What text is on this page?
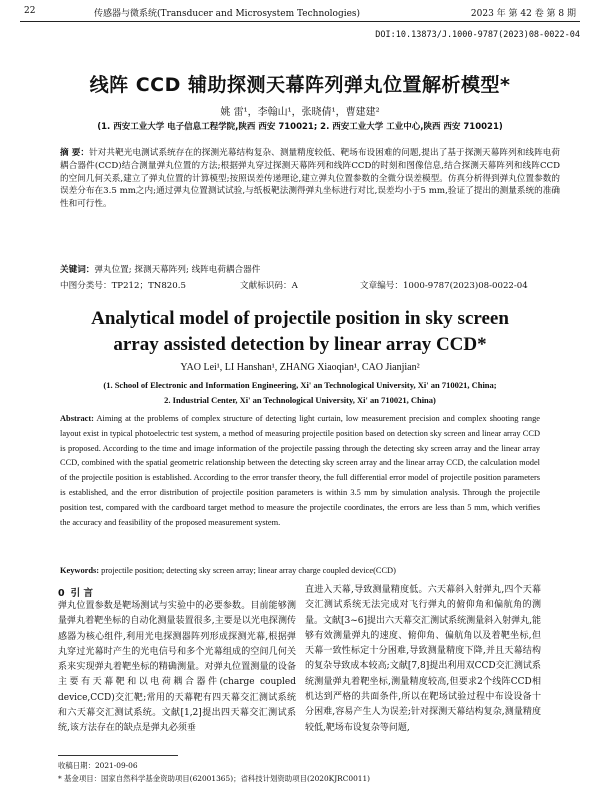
22	传感器与微系统(Transducer and Microsystem Technologies)	2023 年 第 42 卷 第 8 期
DOI:10.13873/J.1000-9787(2023)08-0022-04
线阵 CCD 辅助探测天幕阵列弹丸位置解析模型*
姚 雷¹，李翰山¹，张晓倩¹，曹建建²
(1. 西安工业大学 电子信息工程学院,陕西 西安 710021; 2. 西安工业大学 工业中心,陕西 西安 710021)
摘 要：针对共靶光电测试系统存在的探测光幕结构复杂、测量精度较低、靶场布设困难的问题,提出了基于探测天幕阵列和线阵电荷耦合器件(CCD)结合测量弹丸位置的方法;根据弹丸穿过探测天幕阵列和线阵CCD的时刻和图像信息,结合探测天幕阵列和线阵CCD的空间几何关系,建立了弹丸位置的计算模型;按照误差传递理论,建立弹丸位置参数的全微分误差模型。仿真分析得到弹丸位置参数的误差分布在3.5 mm之内;通过弹丸位置测试试验,与纸板靶法测得弹丸坐标进行对比,误差均小于5 mm,验证了提出的测量系统的准确性和可行性。
关键词：弹丸位置; 探测天幕阵列; 线阵电荷耦合器件
中图分类号：TP212；TN820.5	文献标识码：A	文章编号：1000-9787(2023)08-0022-04
Analytical model of projectile position in sky screen array assisted detection by linear array CCD*
YAO Lei¹, LI Hanshan¹, ZHANG Xiaoqian¹, CAO Jianjian²
(1. School of Electronic and Information Engineering, Xi' an Technological University, Xi' an 710021, China;
2. Industrial Center, Xi' an Technological University, Xi' an 710021, China)
Abstract: Aiming at the problems of complex structure of detecting light curtain, low measurement precision and complex shooting range layout exist in typical photoelectric test system, a method of measuring projectile position based on detection sky screen and linear array CCD is proposed. According to the time and image information of the projectile passing through the detecting sky screen array and the linear array CCD, combined with the spatial geometric relationship between the detecting sky screen array and the linear array CCD, the calculation model of the projectile position is established. According to the error transfer theory, the full differential error model of projectile position parameters is established, and the error distribution of projectile position parameters is within 3.5 mm by simulation analysis. Through the projectile position test, compared with the cardboard target method to measure the projectile coordinates, the errors are less than 5 mm, which verifies the accuracy and feasibility of the proposed measurement system.
Keywords: projectile position; detecting sky screen array; linear array charge coupled device(CCD)
0 引 言
弹丸位置参数是靶场测试与实验中的必要参数。目前能够测量弹丸着靶坐标的自动化测量装置很多,主要是以光电探测传感器为核心组件,利用光电探测器阵列形成探测光幕,根据弹丸穿过光幕时产生的光电信号和多个光幕组成的空间几何关系来实现弹丸着靶坐标的精确测量。对弹丸位置测量的设备主要有天幕靶和以电荷耦合器件(charge coupled device,CCD)交汇靶;常用的天幕靶有四天幕交汇测试系统和六天幕交汇测试系统。文献[1,2]提出四天幕交汇测试系统,该方法存在的缺点是弹丸必须垂
直进入天幕,导致测量精度低。六天幕斜入射弹丸,四个天幕交汇测试系统无法完成对飞行弹丸的俯仰角和偏航角的测量。文献[3~6]提出六天幕交汇测试系统测量斜入射弹丸,能够有效测量弹丸的速度、俯仰角、偏航角以及着靶坐标,但天幕一致性标定十分困难,导致测量精度下降,并且天幕结构的复杂导致成本较高;文献[7,8]提出利用双CCD交汇测试系统测量弹丸着靶坐标,测量精度较高,但要求2个线阵CCD相机达到严格的共面条件,所以在靶场试验过程中布设设备十分困难,容易产生人为误差;针对探测天幕结构复杂,测量精度较低,靶场布设复杂等问题,
收稿日期：2021-09-06
* 基金项目：国家自然科学基金资助项目(62001365)；省科技计划资助项目(2020KJRC0011)
